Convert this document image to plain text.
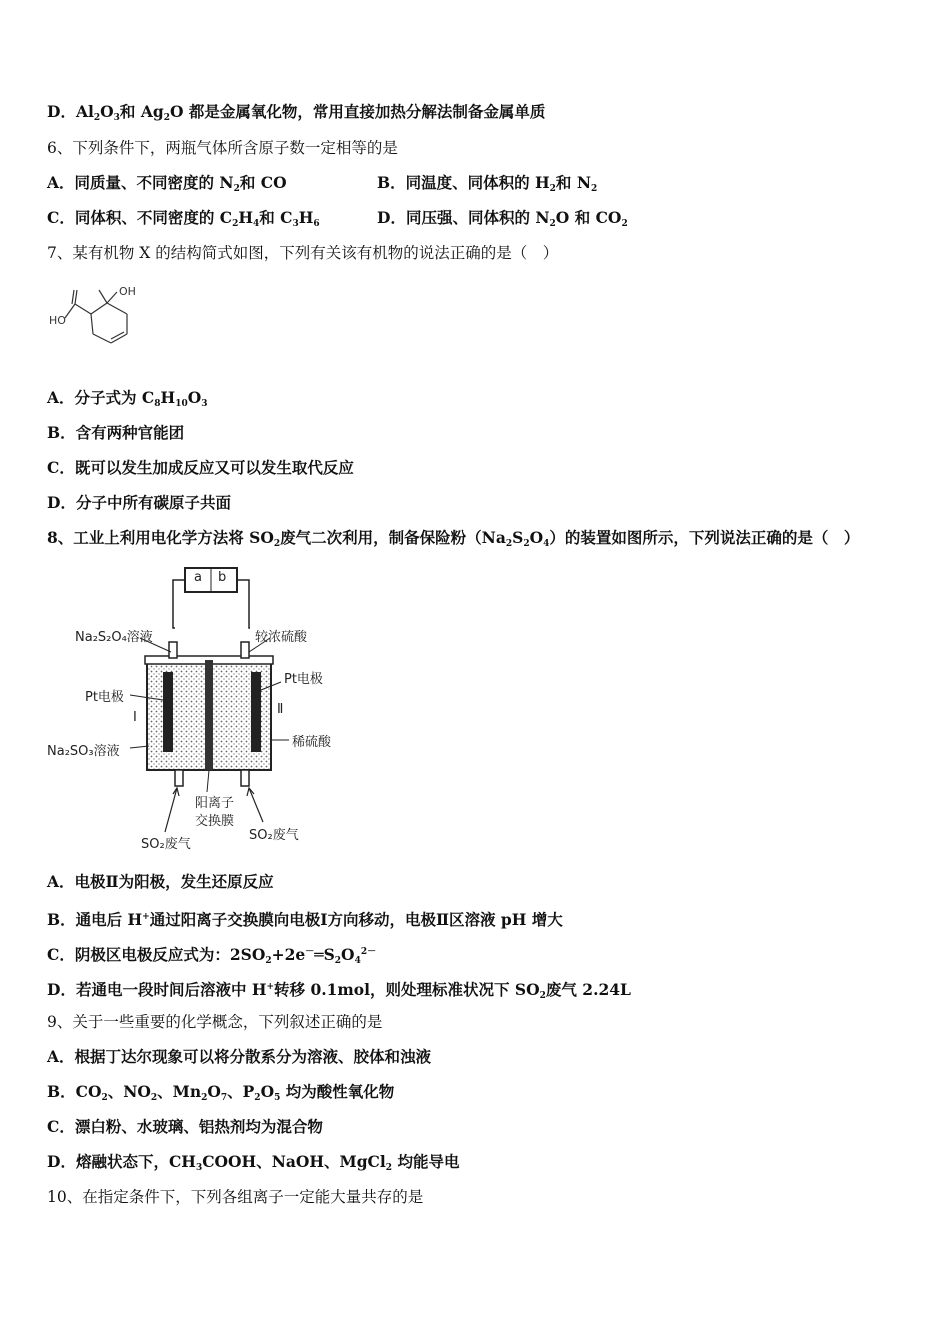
D．$Al_2O_3$和 $Ag_2O$ 都是金属氧化物，常用直接加热分解法制备金属单质
6、下列条件下，两瓶气体所含原子数一定相等的是
A．同质量、不同密度的 $N_2$和 CO	B．同温度、同体积的 $H_2$和 $N_2$
C．同体积、不同密度的 $C_2H_4$和 $C_3H_6$	D．同压强、同体积的 $N_2O$ 和 $CO_2$
7、某有机物 X 的结构简式如图，下列有关该有机物的说法正确的是（　）
OH
HO
A．分子式为 $C_8H_{10}O_3$
B．含有两种官能团
C．既可以发生加成反应又可以发生取代反应
D．分子中所有碳原子共面
8、工业上利用电化学方法将 $SO_2$废气二次利用，制备保险粉$(Na_2S_2O_4)$的装置如图所示，下列说法正确的是（　）
a b
Na₂S₂O₄溶液	较浓硫酸
Pt电极
Pt电极
Ⅰ
Ⅱ
Na₂SO₃溶液
稀硫酸
阳离子
交换膜
SO₂废气
SO₂废气
A．电极Ⅱ为阳极，发生还原反应
B．通电后 H+通过阳离子交换膜向电极Ⅰ方向移动，电极Ⅱ区溶液 pH 增大
C．阴极区电极反应式为：$2SO_2+2e^-═S_2O_4^{2-}$
D．若通电一段时间后溶液中 H+转移 0.1mol，则处理标准状况下 $SO_2$废气 2.24L
9、关于一些重要的化学概念，下列叙述正确的是
A．根据丁达尔现象可以将分散系分为溶液、胶体和浊液
B．$CO_2$、$NO_2$、$Mn_2O_7$、$P_2O_5$ 均为酸性氧化物
C．漂白粉、水玻璃、铝热剂均为混合物
D．熔融状态下，$CH_3COOH$、NaOH、MgCl$_2$ 均能导电
10、在指定条件下，下列各组离子一定能大量共存的是
